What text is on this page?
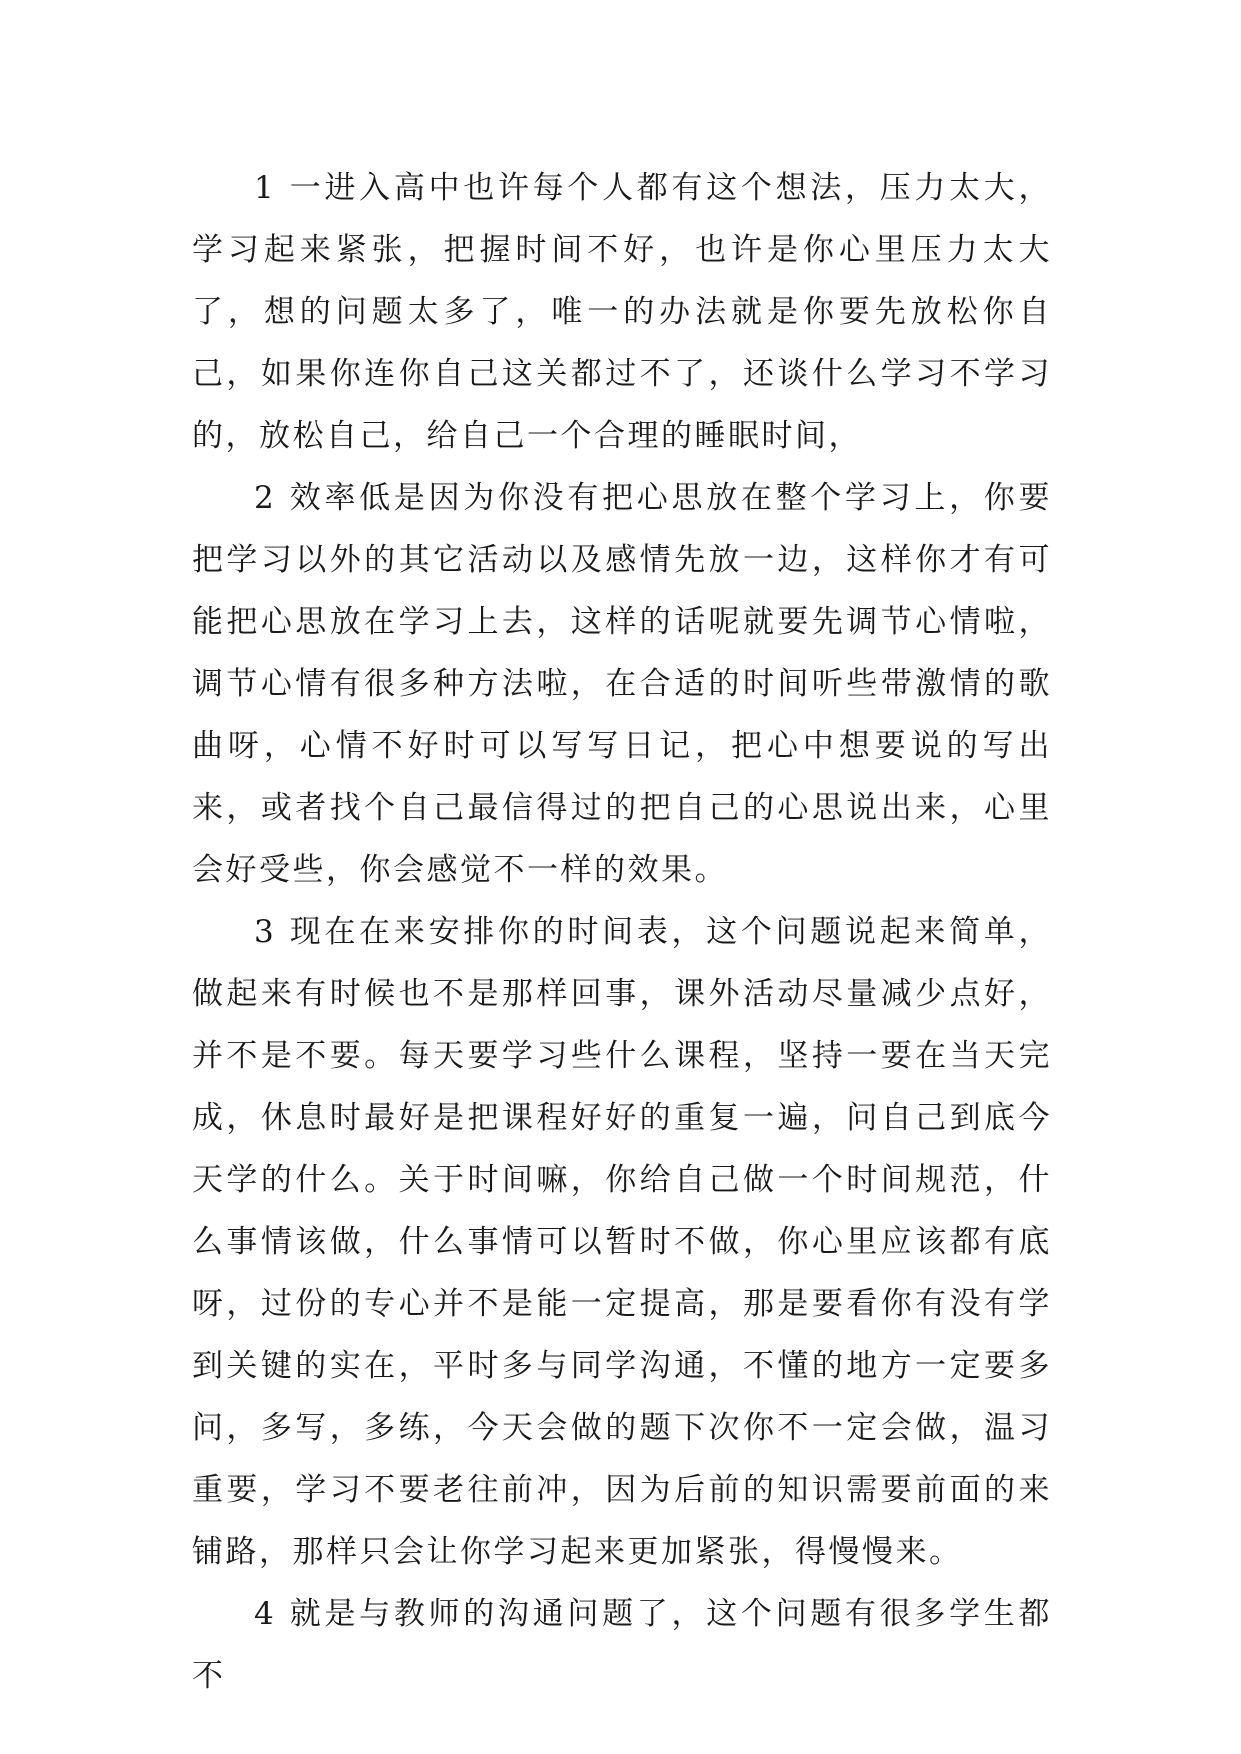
1 一进入高中也许每个人都有这个想法，压力太大，学习起来紧张，把握时间不好，也许是你心里压力太大了，想的问题太多了，唯一的办法就是你要先放松你自己，如果你连你自己这关都过不了，还谈什么学习不学习的，放松自己，给自己一个合理的睡眠时间，

2 效率低是因为你没有把心思放在整个学习上，你要把学习以外的其它活动以及感情先放一边，这样你才有可能把心思放在学习上去，这样的话呢就要先调节心情啦，调节心情有很多种方法啦，在合适的时间听些带激情的歌曲呀，心情不好时可以写写日记，把心中想要说的写出来，或者找个自己最信得过的把自己的心思说出来，心里会好受些，你会感觉不一样的效果。

3 现在在来安排你的时间表，这个问题说起来简单，做起来有时候也不是那样回事，课外活动尽量减少点好，并不是不要。每天要学习些什么课程，坚持一要在当天完成，休息时最好是把课程好好的重复一遍，问自己到底今天学的什么。关于时间嘛，你给自己做一个时间规范，什么事情该做，什么事情可以暂时不做，你心里应该都有底呀，过份的专心并不是能一定提高，那是要看你有没有学到关键的实在，平时多与同学沟通，不懂的地方一定要多问，多写，多练，今天会做的题下次你不一定会做，温习重要，学习不要老往前冲，因为后前的知识需要前面的来铺路，那样只会让你学习起来更加紧张，得慢慢来。

4 就是与教师的沟通问题了，这个问题有很多学生都不
